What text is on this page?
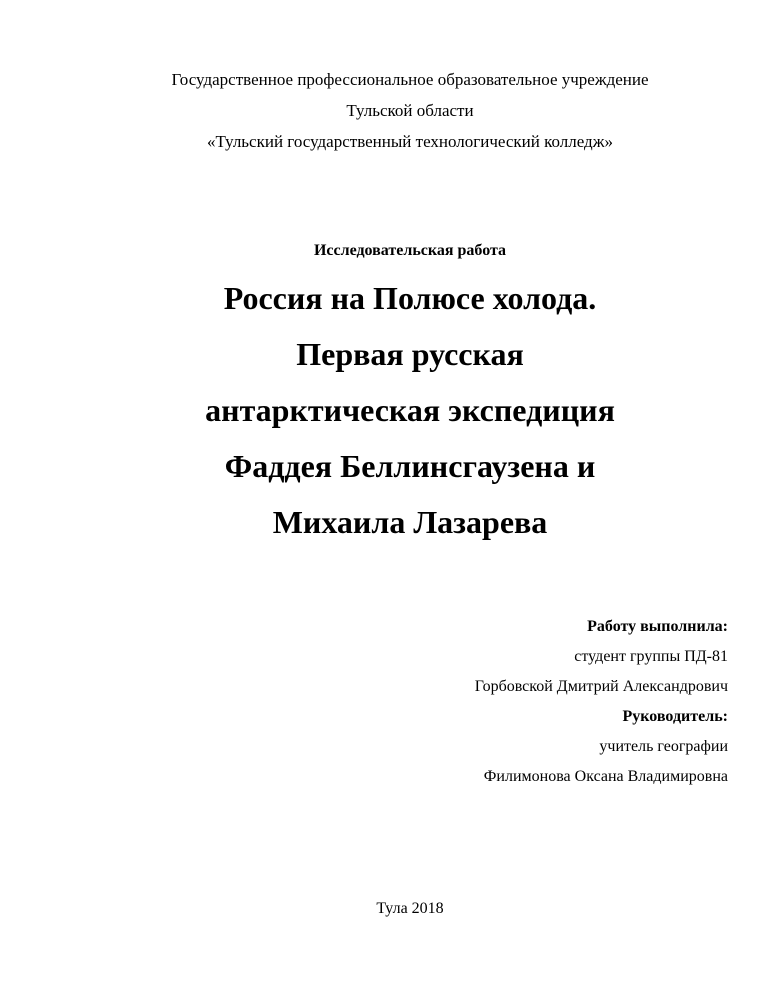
Государственное профессиональное образовательное учреждение
Тульской области
«Тульский государственный технологический колледж»
Исследовательская работа
Россия на Полюсе холода.
Первая русская
антарктическая экспедиция
Фаддея Беллинсгаузена и
Михаила Лазарева
Работу выполнила:
студент группы ПД-81
Горбовской Дмитрий Александрович
Руководитель:
учитель географии
Филимонова Оксана Владимировна
Тула 2018
